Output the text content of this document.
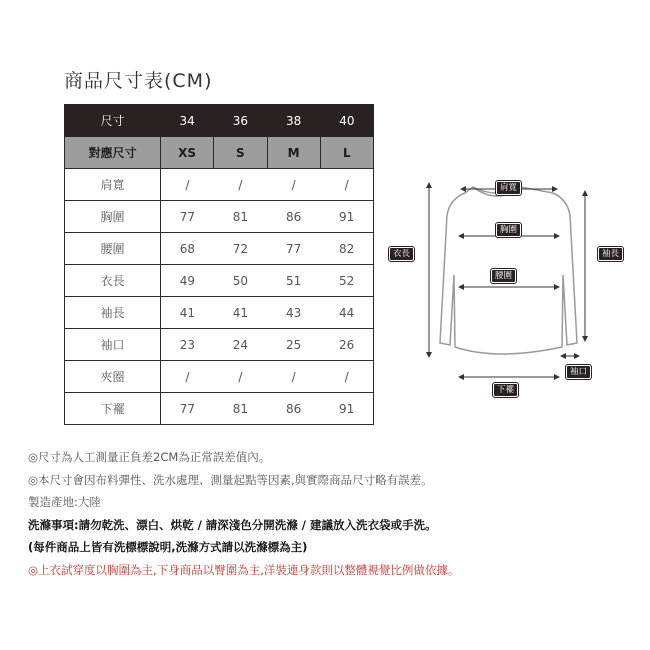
商品尺寸表(CM)
尺寸	34	36	38	40
對應尺寸	XS	S	M	L
肩寬	/	/	/	/
胸圍	77	81	86	91
腰圍	68	72	77	82
衣長	49	50	51	52
袖長	41	41	43	44
袖口	23	24	25	26
夾圈	/	/	/	/
下襬	77	81	86	91
肩寬
胸圍
衣長
腰圍
袖長
袖口
下襬
◎尺寸為人工測量正負差2CM為正常誤差值內。
◎本尺寸會因布料彈性、洗水處理、測量起點等因素,與實際商品尺寸略有誤差。
製造產地:大陸
洗滌事項:請勿乾洗、漂白、烘乾 / 請深淺色分開洗滌 / 建議放入洗衣袋或手洗。
(每件商品上皆有洗標標說明,洗滌方式請以洗滌標為主)
◎上衣試穿度以胸圍為主,下身商品以臀圍為主,洋裝連身款則以整體視覺比例做依據。
